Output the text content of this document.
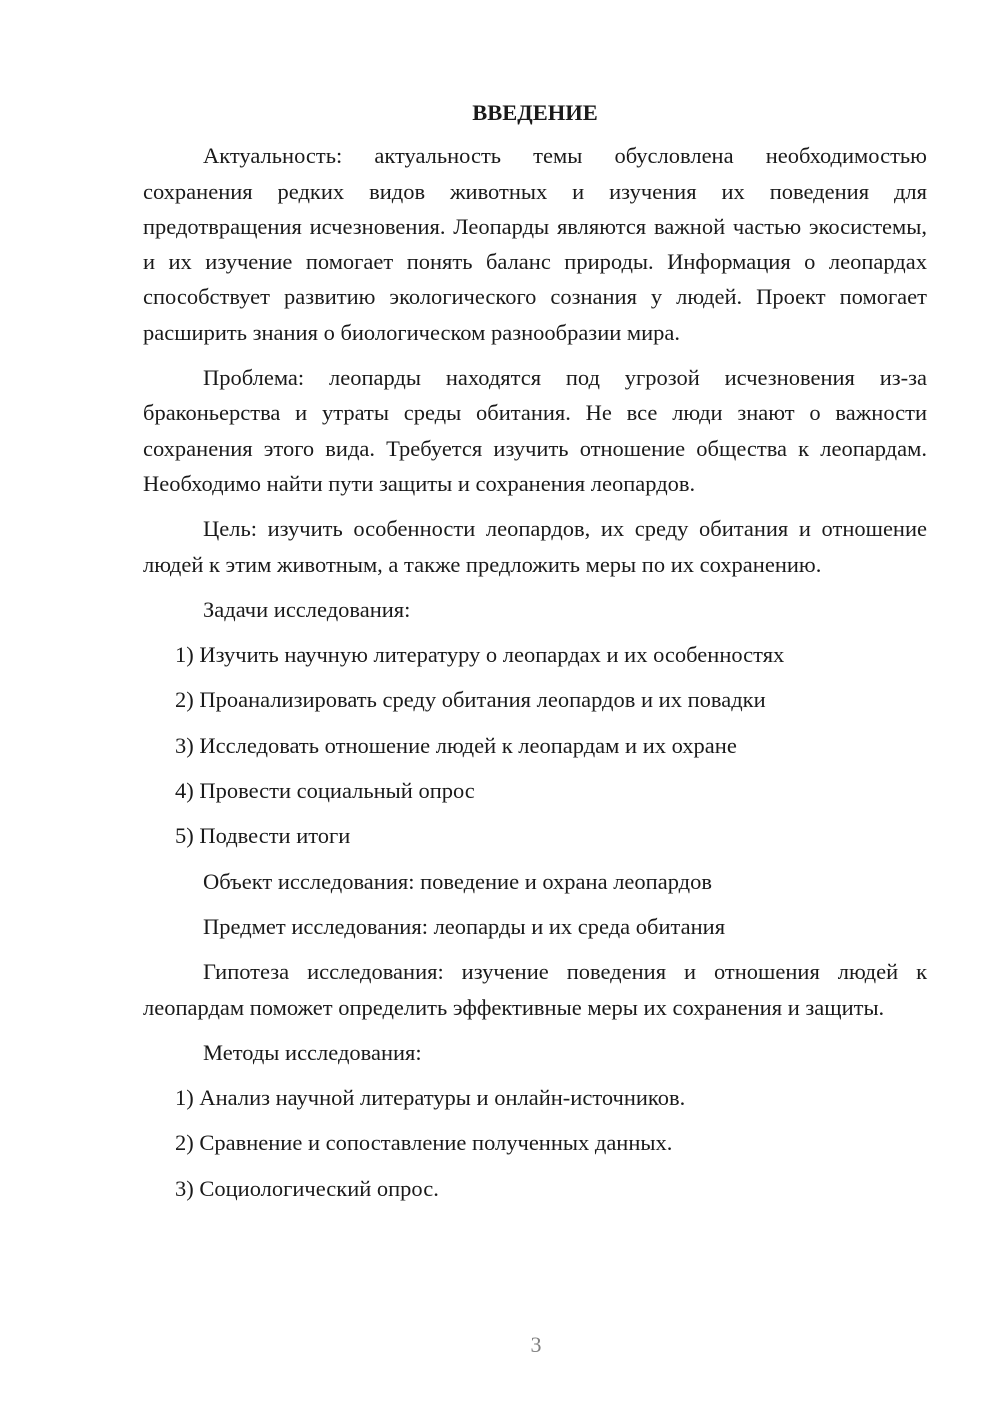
ВВЕДЕНИЕ

Актуальность: актуальность темы обусловлена необходимостью сохранения редких видов животных и изучения их поведения для предотвращения исчезновения. Леопарды являются важной частью экосистемы, и их изучение помогает понять баланс природы. Информация о леопардах способствует развитию экологического сознания у людей. Проект помогает расширить знания о биологическом разнообразии мира.

Проблема: леопарды находятся под угрозой исчезновения из-за браконьерства и утраты среды обитания. Не все люди знают о важности сохранения этого вида. Требуется изучить отношение общества к леопардам. Необходимо найти пути защиты и сохранения леопардов.

Цель: изучить особенности леопардов, их среду обитания и отношение людей к этим животным, а также предложить меры по их сохранению.

Задачи исследования:
1) Изучить научную литературу о леопардах и их особенностях
2) Проанализировать среду обитания леопардов и их повадки
3) Исследовать отношение людей к леопардам и их охране
4) Провести социальный опрос
5) Подвести итоги
Объект исследования: поведение и охрана леопардов
Предмет исследования: леопарды и их среда обитания

Гипотеза исследования: изучение поведения и отношения людей к леопардам поможет определить эффективные меры их сохранения и защиты.

Методы исследования:
1) Анализ научной литературы и онлайн-источников.
2) Сравнение и сопоставление полученных данных.
3) Социологический опрос.
3
